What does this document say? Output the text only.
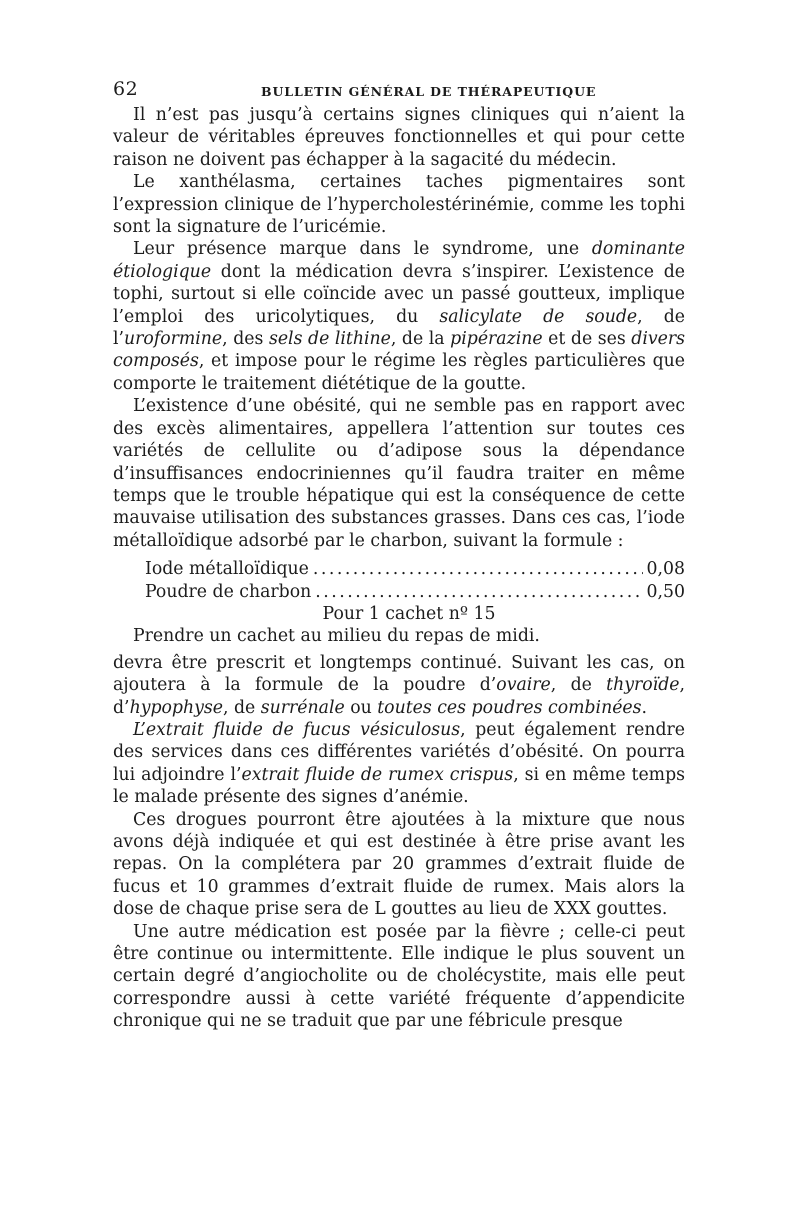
62	BULLETIN GÉNÉRAL DE THÉRAPEUTIQUE

Il n’est pas jusqu’à certains signes cliniques qui n’aient la valeur de véritables épreuves fonctionnelles et qui pour cette raison ne doivent pas échapper à la sagacité du médecin.

Le xanthélasma, certaines taches pigmentaires sont l’expression clinique de l’hypercholestérinémie, comme les tophi sont la signature de l’uricémie.

Leur présence marque dans le syndrome, une dominante étiologique dont la médication devra s’inspirer. L’existence de tophi, surtout si elle coïncide avec un passé goutteux, implique l’emploi des uricolytiques, du salicylate de soude, de l’uroformine, des sels de lithine, de la pipérazine et de ses divers composés, et impose pour le régime les règles particulières que comporte le traitement diététique de la goutte.

L’existence d’une obésité, qui ne semble pas en rapport avec des excès alimentaires, appellera l’attention sur toutes ces variétés de cellulite ou d’adipose sous la dépendance d’insuffisances endocriniennes qu’il faudra traiter en même temps que le trouble hépatique qui est la conséquence de cette mauvaise utilisation des substances grasses. Dans ces cas, l’iode métalloïdique adsorbé par le charbon, suivant la formule :

Iode métalloïdique . . .	0,08
Poudre de charbon . . .	0,50
Pour 1 cachet nº 15
Prendre un cachet au milieu du repas de midi.

devra être prescrit et longtemps continué. Suivant les cas, on ajoutera à la formule de la poudre d’ovaire, de thyroïde, d’hypophyse, de surrénale ou toutes ces poudres combinées.

L’extrait fluide de fucus vésiculosus, peut également rendre des services dans ces différentes variétés d’obésité. On pourra lui adjoindre l’extrait fluide de rumex crispus, si en même temps le malade présente des signes d’anémie.

Ces drogues pourront être ajoutées à la mixture que nous avons déjà indiquée et qui est destinée à être prise avant les repas. On la complétera par 20 grammes d’extrait fluide de fucus et 10 grammes d’extrait fluide de rumex. Mais alors la dose de chaque prise sera de L gouttes au lieu de XXX gouttes.

Une autre médication est posée par la fièvre ; celle-ci peut être continue ou intermittente. Elle indique le plus souvent un certain degré d’angiocholite ou de cholécystite, mais elle peut correspondre aussi à cette variété fréquente d’appendicite chronique qui ne se traduit que par une fébricule presque
